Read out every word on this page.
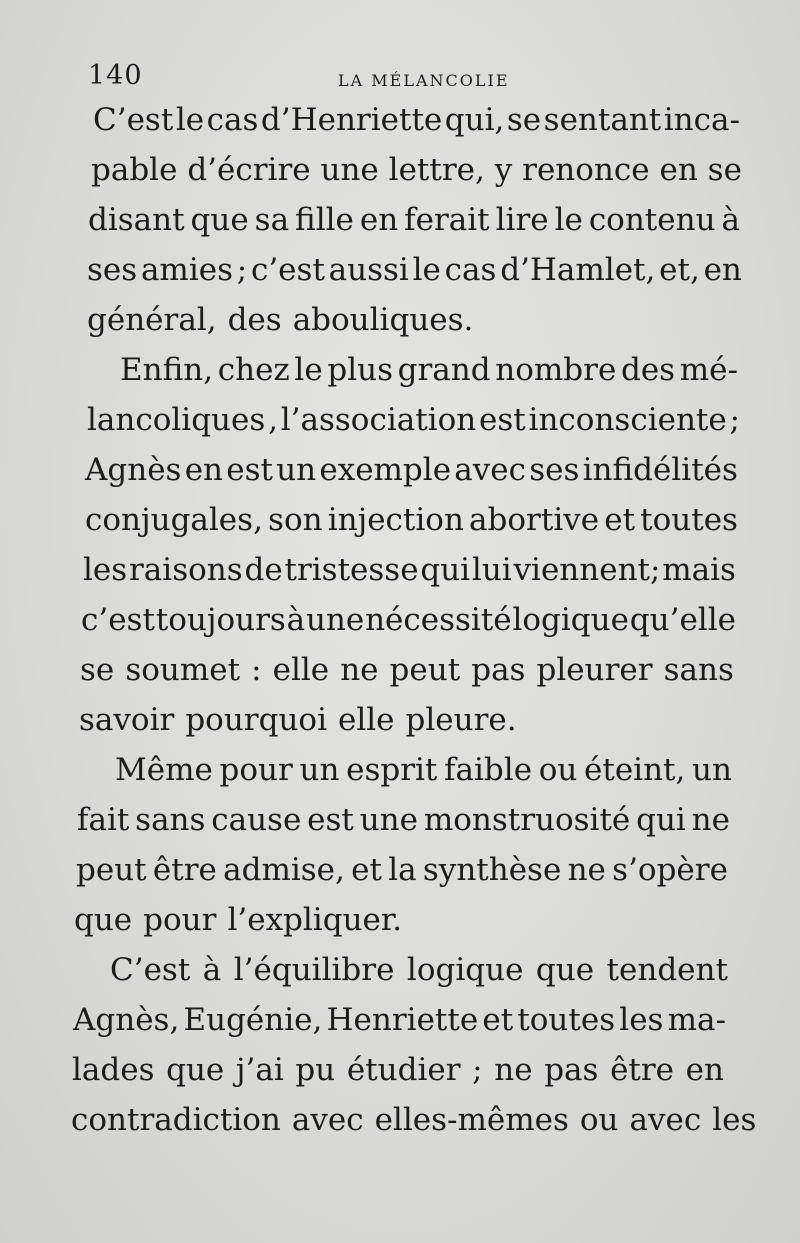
140	LA MÉLANCOLIE
C’est le cas d’Henriette qui, se sentant inca-
pable d’écrire une lettre, y renonce en se
disant que sa fille en ferait lire le contenu à
ses amies ; c’est aussi le cas d’Hamlet, et, en
général, des abouliques.
Enfin, chez le plus grand nombre des mé-
lancoliques , l’association est inconsciente ;
Agnès en est un exemple avec ses infidélités
conjugales, son injection abortive et toutes
les raisons de tristesse qui lui viennent; mais
c’est toujours à une nécessité logique qu’elle
se soumet : elle ne peut pas pleurer sans
savoir pourquoi elle pleure.
Même pour un esprit faible ou éteint, un
fait sans cause est une monstruosité qui ne
peut être admise, et la synthèse ne s’opère
que pour l’expliquer.
C’est à l’équilibre logique que tendent
Agnès, Eugénie, Henriette et toutes les ma-
lades que j’ai pu étudier ; ne pas être en
contradiction avec elles-mêmes ou avec les
